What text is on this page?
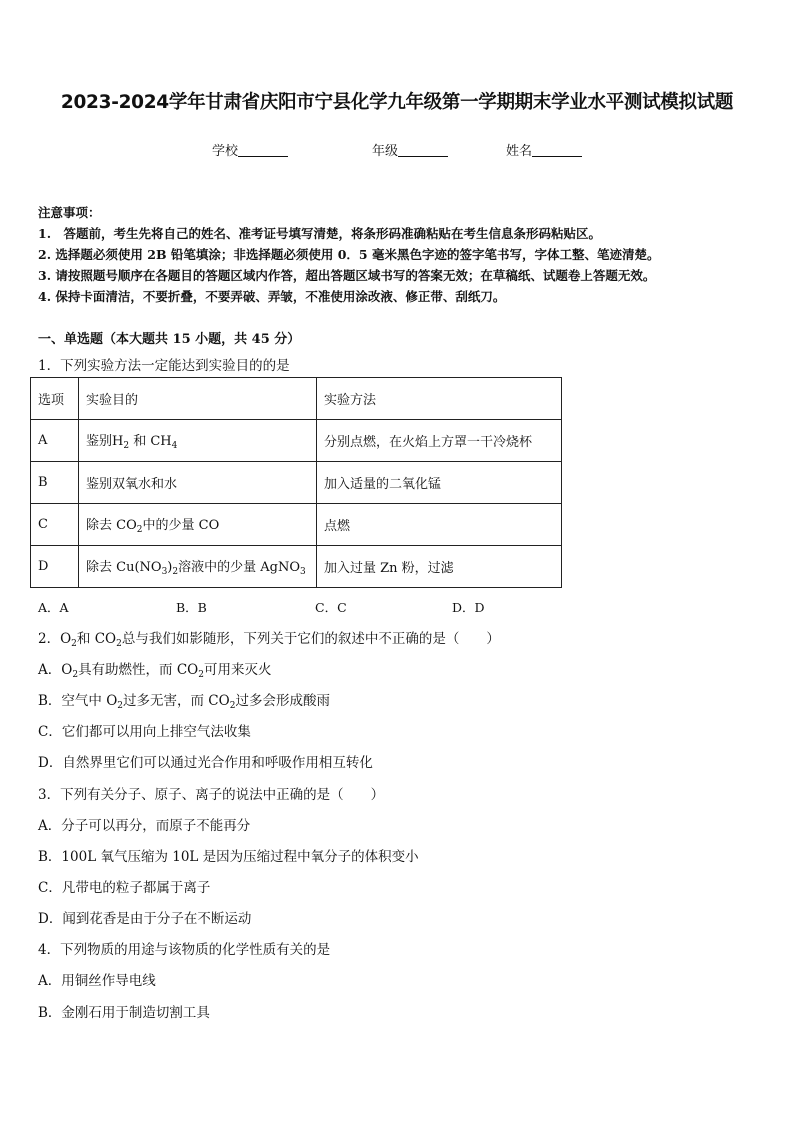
2023-2024学年甘肃省庆阳市宁县化学九年级第一学期期末学业水平测试模拟试题
学校	年级	姓名
注意事项：
1.　答题前，考生先将自己的姓名、准考证号填写清楚，将条形码准确粘贴在考生信息条形码粘贴区。
2. 选择题必须使用 2B 铅笔填涂；非选择题必须使用 0．5 毫米黑色字迹的签字笔书写，字体工整、笔迹清楚。
3. 请按照题号顺序在各题目的答题区域内作答，超出答题区域书写的答案无效；在草稿纸、试题卷上答题无效。
4. 保持卡面清洁，不要折叠，不要弄破、弄皱，不准使用涂改液、修正带、刮纸刀。
一、单选题（本大题共 15 小题，共 45 分）
1．下列实验方法一定能达到实验目的的是
选项	实验目的	实验方法
A	鉴别$H_2$ 和 $CH_4$	分别点燃，在火焰上方罩一干冷烧杯
B	鉴别双氧水和水	加入适量的二氧化锰
C	除去 $CO_2$中的少量 CO	点燃
D	除去 $Cu(NO_3)_2$溶液中的少量 AgNO$_3$	加入过量 Zn 粉，过滤
A．A	B．B	C．C	D．D
2．$O_2$和 $CO_2$总与我们如影随形，下列关于它们的叙述中不正确的是（　　）
A．$O_2$具有助燃性，而 $CO_2$可用来灭火
B．空气中 $O_2$过多无害，而 $CO_2$过多会形成酸雨
C．它们都可以用向上排空气法收集
D．自然界里它们可以通过光合作用和呼吸作用相互转化
3．下列有关分子、原子、离子的说法中正确的是（　　）
A．分子可以再分，而原子不能再分
B．100L 氧气压缩为 10L 是因为压缩过程中氧分子的体积变小
C．凡带电的粒子都属于离子
D．闻到花香是由于分子在不断运动
4．下列物质的用途与该物质的化学性质有关的是
A．用铜丝作导电线
B．金刚石用于制造切割工具
